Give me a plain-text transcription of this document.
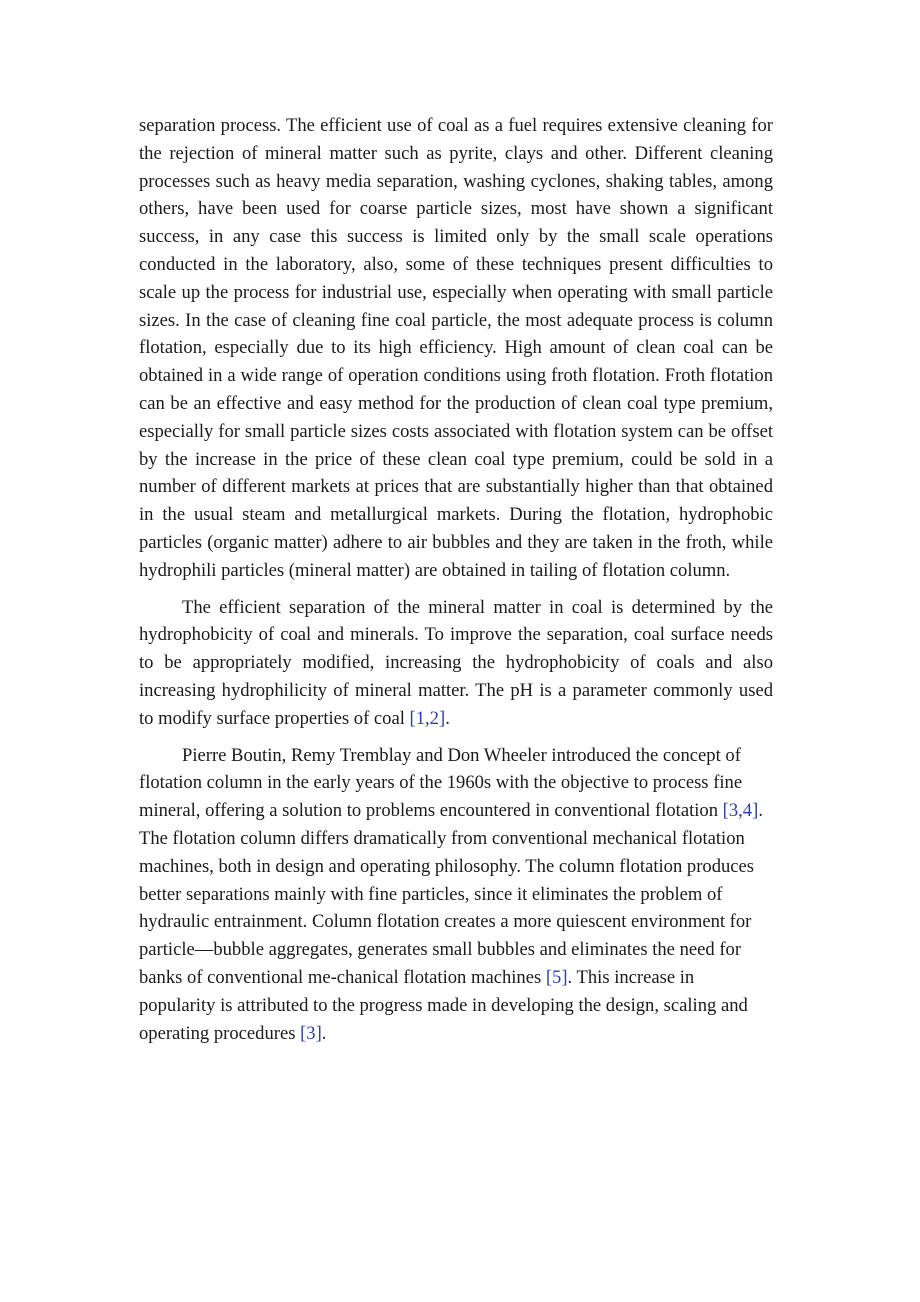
separation process. The efficient use of coal as a fuel requires extensive cleaning for the rejection of mineral matter such as pyrite, clays and other. Different cleaning processes such as heavy media separation, washing cyclones, shaking tables, among others, have been used for coarse particle sizes, most have shown a significant success, in any case this success is limited only by the small scale operations conducted in the laboratory, also, some of these techniques present difficulties to scale up the process for industrial use, especially when operating with small particle sizes. In the case of cleaning fine coal particle, the most adequate process is column flotation, especially due to its high efficiency. High amount of clean coal can be obtained in a wide range of operation conditions using froth flotation. Froth flotation can be an effective and easy method for the production of clean coal type premium, especially for small particle sizes costs associated with flotation system can be offset by the increase in the price of these clean coal type premium, could be sold in a number of different markets at prices that are substantially higher than that obtained in the usual steam and metallurgical markets. During the flotation, hydrophobic particles (organic matter) adhere to air bubbles and they are taken in the froth, while hydrophili particles (mineral matter) are obtained in tailing of flotation column.

The efficient separation of the mineral matter in coal is determined by the hydrophobicity of coal and minerals. To improve the separation, coal surface needs to be appropriately modified, increasing the hydrophobicity of coals and also increasing hydrophilicity of mineral matter. The pH is a parameter commonly used to modify surface properties of coal [1,2].

Pierre Boutin, Remy Tremblay and Don Wheeler introduced the concept of flotation column in the early years of the 1960s with the objective to process fine mineral, offering a solution to problems encountered in conventional flotation [3,4]. The flotation column differs dramatically from conventional mechanical flotation machines, both in design and operating philosophy. The column flotation produces better separations mainly with fine particles, since it eliminates the problem of hydraulic entrainment. Column flotation creates a more quiescent environment for particle—bubble aggregates, generates small bubbles and eliminates the need for banks of conventional me-chanical flotation machines [5]. This increase in popularity is attributed to the progress made in developing the design, scaling and operating procedures [3].
